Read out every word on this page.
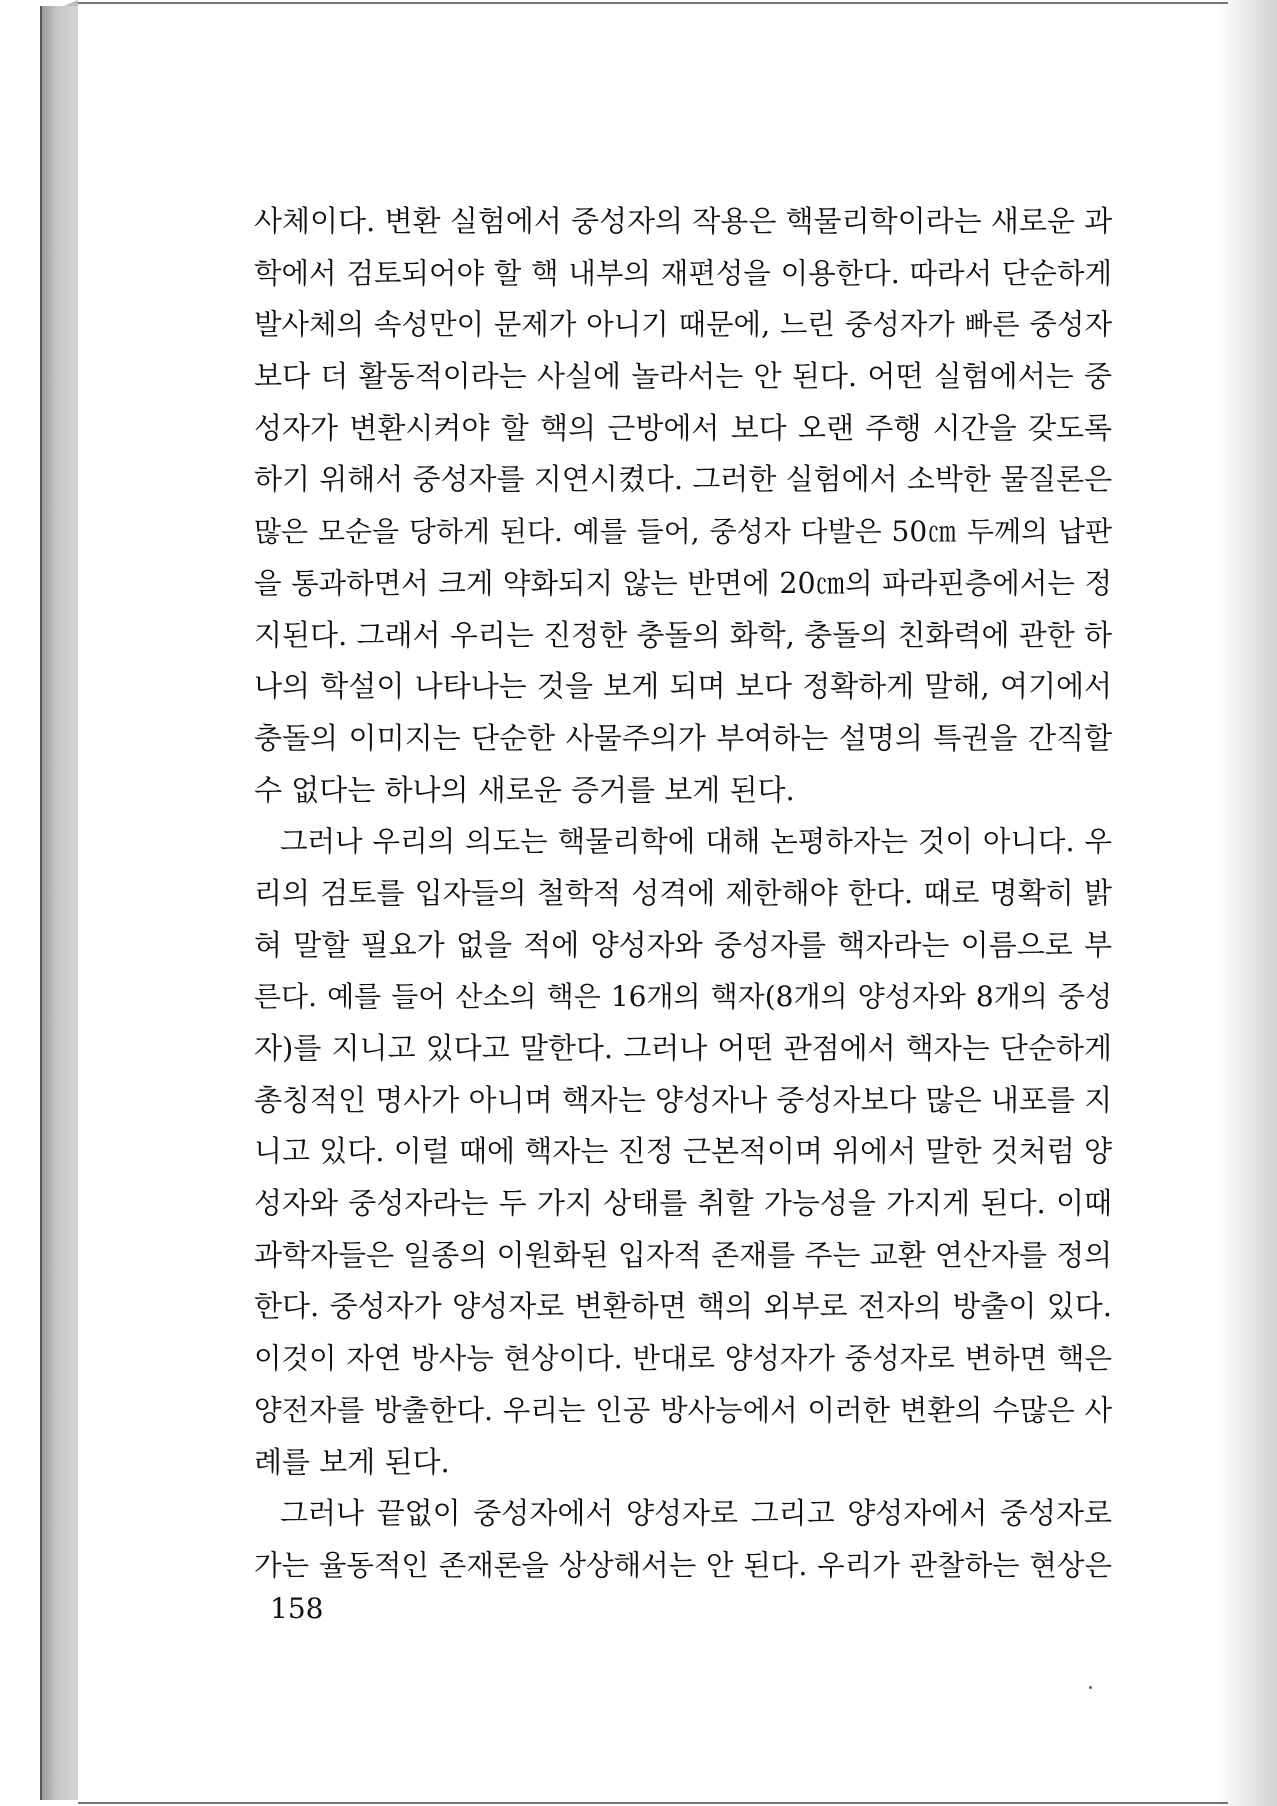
사체이다. 변환 실험에서 중성자의 작용은 핵물리학이라는 새로운 과
학에서 검토되어야 할 핵 내부의 재편성을 이용한다. 따라서 단순하게
발사체의 속성만이 문제가 아니기 때문에, 느린 중성자가 빠른 중성자
보다 더 활동적이라는 사실에 놀라서는 안 된다. 어떤 실험에서는 중
성자가 변환시켜야 할 핵의 근방에서 보다 오랜 주행 시간을 갖도록
하기 위해서 중성자를 지연시켰다. 그러한 실험에서 소박한 물질론은
많은 모순을 당하게 된다. 예를 들어, 중성자 다발은 50㎝ 두께의 납판
을 통과하면서 크게 약화되지 않는 반면에 20㎝의 파라핀층에서는 정
지된다. 그래서 우리는 진정한 충돌의 화학, 충돌의 친화력에 관한 하
나의 학설이 나타나는 것을 보게 되며 보다 정확하게 말해, 여기에서
충돌의 이미지는 단순한 사물주의가 부여하는 설명의 특권을 간직할
수 없다는 하나의 새로운 증거를 보게 된다.
그러나 우리의 의도는 핵물리학에 대해 논평하자는 것이 아니다. 우
리의 검토를 입자들의 철학적 성격에 제한해야 한다. 때로 명확히 밝
혀 말할 필요가 없을 적에 양성자와 중성자를 핵자라는 이름으로 부
른다. 예를 들어 산소의 핵은 16개의 핵자(8개의 양성자와 8개의 중성
자)를 지니고 있다고 말한다. 그러나 어떤 관점에서 핵자는 단순하게
총칭적인 명사가 아니며 핵자는 양성자나 중성자보다 많은 내포를 지
니고 있다. 이럴 때에 핵자는 진정 근본적이며 위에서 말한 것처럼 양
성자와 중성자라는 두 가지 상태를 취할 가능성을 가지게 된다. 이때
과학자들은 일종의 이원화된 입자적 존재를 주는 교환 연산자를 정의
한다. 중성자가 양성자로 변환하면 핵의 외부로 전자의 방출이 있다.
이것이 자연 방사능 현상이다. 반대로 양성자가 중성자로 변하면 핵은
양전자를 방출한다. 우리는 인공 방사능에서 이러한 변환의 수많은 사
례를 보게 된다.
그러나 끝없이 중성자에서 양성자로 그리고 양성자에서 중성자로
가는 율동적인 존재론을 상상해서는 안 된다. 우리가 관찰하는 현상은
158
